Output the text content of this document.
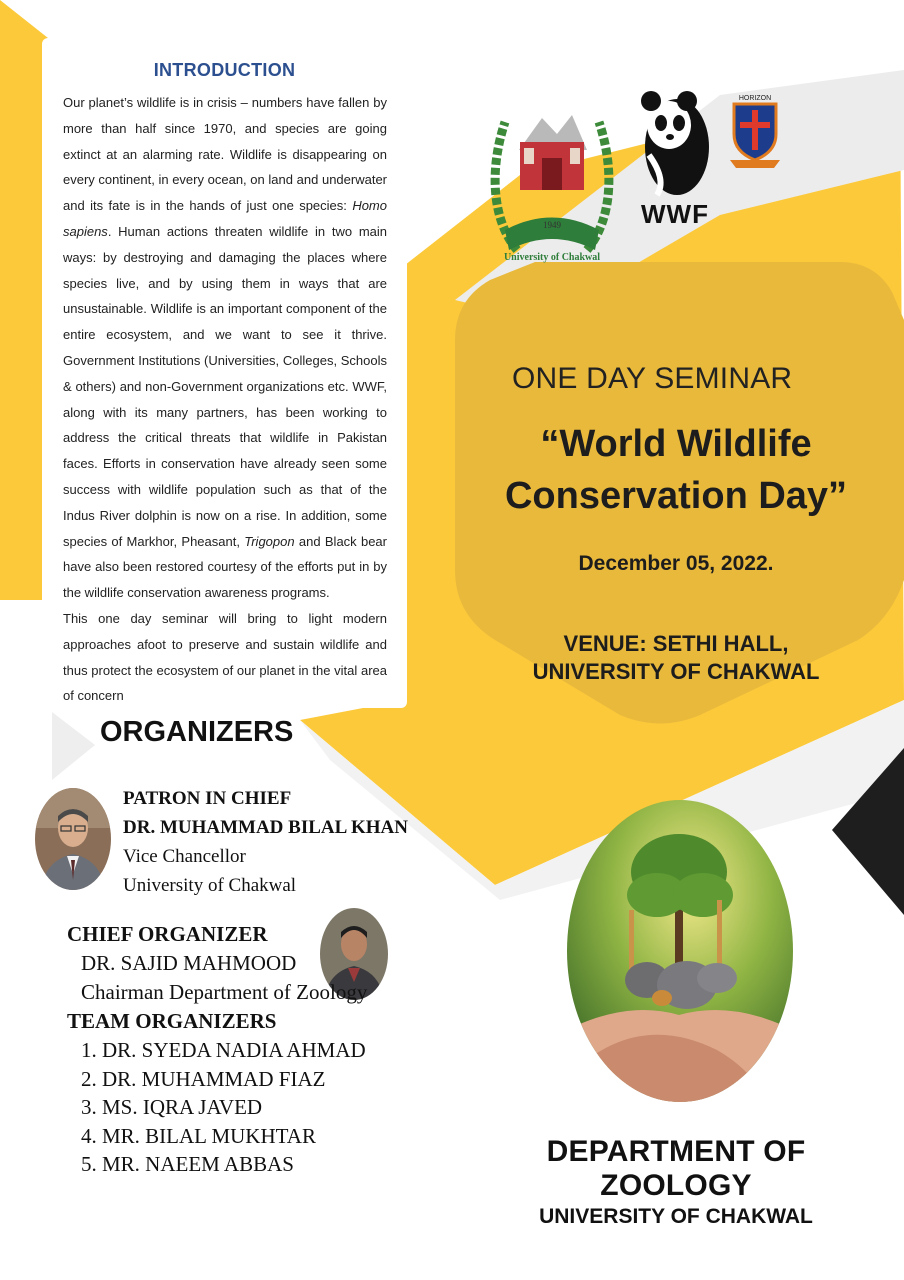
INTRODUCTION

Our planet’s wildlife is in crisis – numbers have fallen by more than half since 1970, and species are going extinct at an alarming rate. Wildlife is disappearing on every continent, in every ocean, on land and underwater and its fate is in the hands of just one species: Homo sapiens. Human actions threaten wildlife in two main ways: by destroying and damaging the places where species live, and by using them in ways that are unsustainable. Wildlife is an important component of the entire ecosystem, and we want to see it thrive. Government Institutions (Universities, Colleges, Schools & others) and non-Government organizations etc. WWF, along with its many partners, has been working to address the critical threats that wildlife in Pakistan faces. Efforts in conservation have already seen some success with wildlife population such as that of the Indus River dolphin is now on a rise. In addition, some species of Markhor, Pheasant, Trigopon and Black bear have also been restored courtesy of the efforts put in by the wildlife conservation awareness programs.

This one day seminar will bring to light modern approaches afoot to preserve and sustain wildlife and thus protect the ecosystem of our planet in the vital area of concern

1949
University of Chakwal
WWF
HORIZON
ONE DAY SEMINAR
“World Wildlife
Conservation Day”
December 05, 2022.
VENUE: SETHI HALL,
UNIVERSITY OF CHAKWAL
ORGANIZERS
PATRON IN CHIEF
DR. MUHAMMAD BILAL KHAN
Vice Chancellor
University of Chakwal
CHIEF ORGANIZER
DR. SAJID MAHMOOD
Chairman Department of Zoology
TEAM ORGANIZERS
1. DR. SYEDA NADIA AHMAD
2. DR. MUHAMMAD FIAZ
3. MS. IQRA JAVED
4. MR. BILAL MUKHTAR
5. MR. NAEEM ABBAS	DEPARTMENT OF ZOOLOGY
UNIVERSITY OF CHAKWAL
